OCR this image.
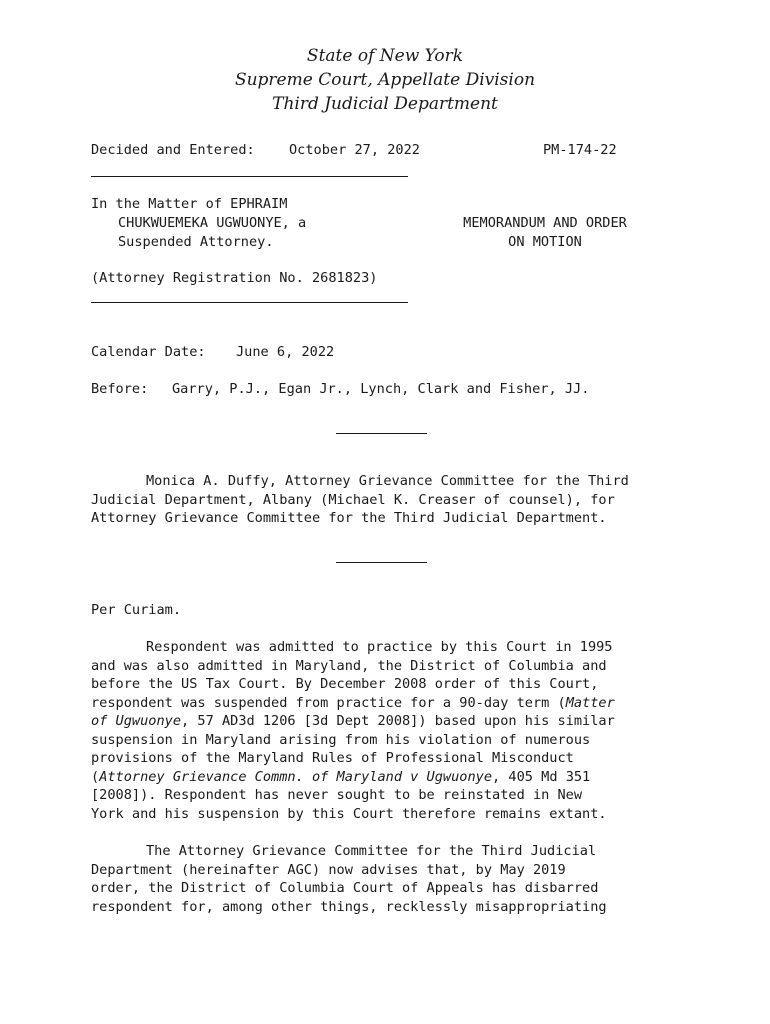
State of New York
Supreme Court, Appellate Division
Third Judicial Department
Decided and Entered:	October 27, 2022	PM-174-22
In the Matter of EPHRAIM
CHUKWUEMEKA UGWUONYE, a
Suspended Attorney.
MEMORANDUM AND ORDER
ON MOTION
(Attorney Registration No. 2681823)
Calendar Date: June 6, 2022
Before: Garry, P.J., Egan Jr., Lynch, Clark and Fisher, JJ.
Monica A. Duffy, Attorney Grievance Committee for the Third
Judicial Department, Albany (Michael K. Creaser of counsel), for
Attorney Grievance Committee for the Third Judicial Department.
Per Curiam.
Respondent was admitted to practice by this Court in 1995
and was also admitted in Maryland, the District of Columbia and
before the US Tax Court. By December 2008 order of this Court,
respondent was suspended from practice for a 90-day term (Matter
of Ugwuonye, 57 AD3d 1206 [3d Dept 2008]) based upon his similar
suspension in Maryland arising from his violation of numerous
provisions of the Maryland Rules of Professional Misconduct
(Attorney Grievance Commn. of Maryland v Ugwuonye, 405 Md 351
[2008]). Respondent has never sought to be reinstated in New
York and his suspension by this Court therefore remains extant.
The Attorney Grievance Committee for the Third Judicial
Department (hereinafter AGC) now advises that, by May 2019
order, the District of Columbia Court of Appeals has disbarred
respondent for, among other things, recklessly misappropriating
